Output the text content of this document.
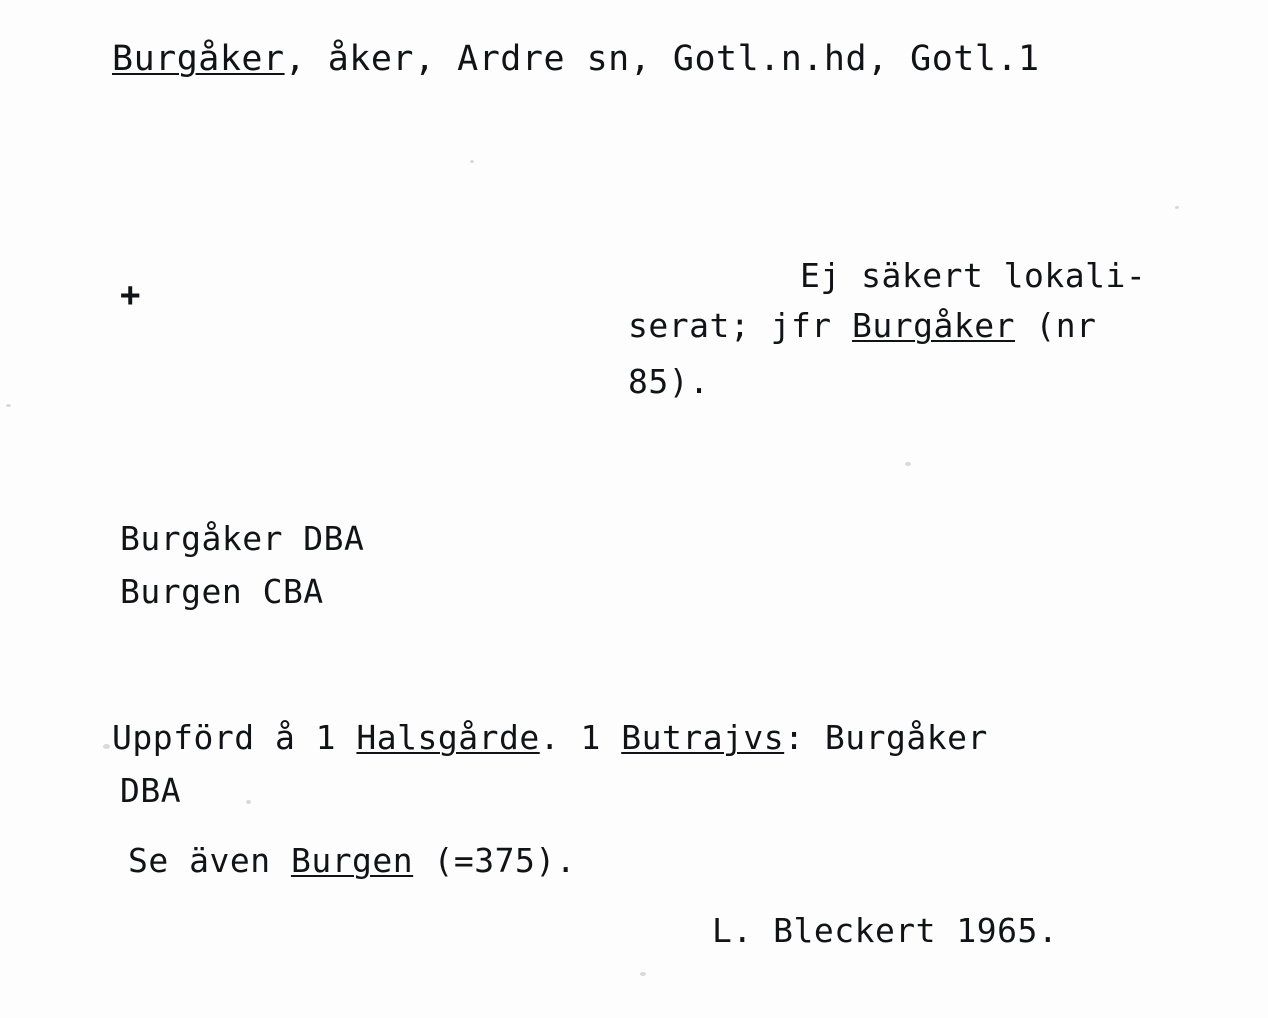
Burgåker, åker, Ardre sn, Gotl.n.hd, Gotl.1
+	Ej säkert lokali-
serat; jfr Burgåker (nr
85).
Burgåker DBA
Burgen CBA
Uppförd å 1 Halsgårde. 1 Butrajvs: Burgåker
DBA
Se även Burgen (=375).
L. Bleckert 1965.
